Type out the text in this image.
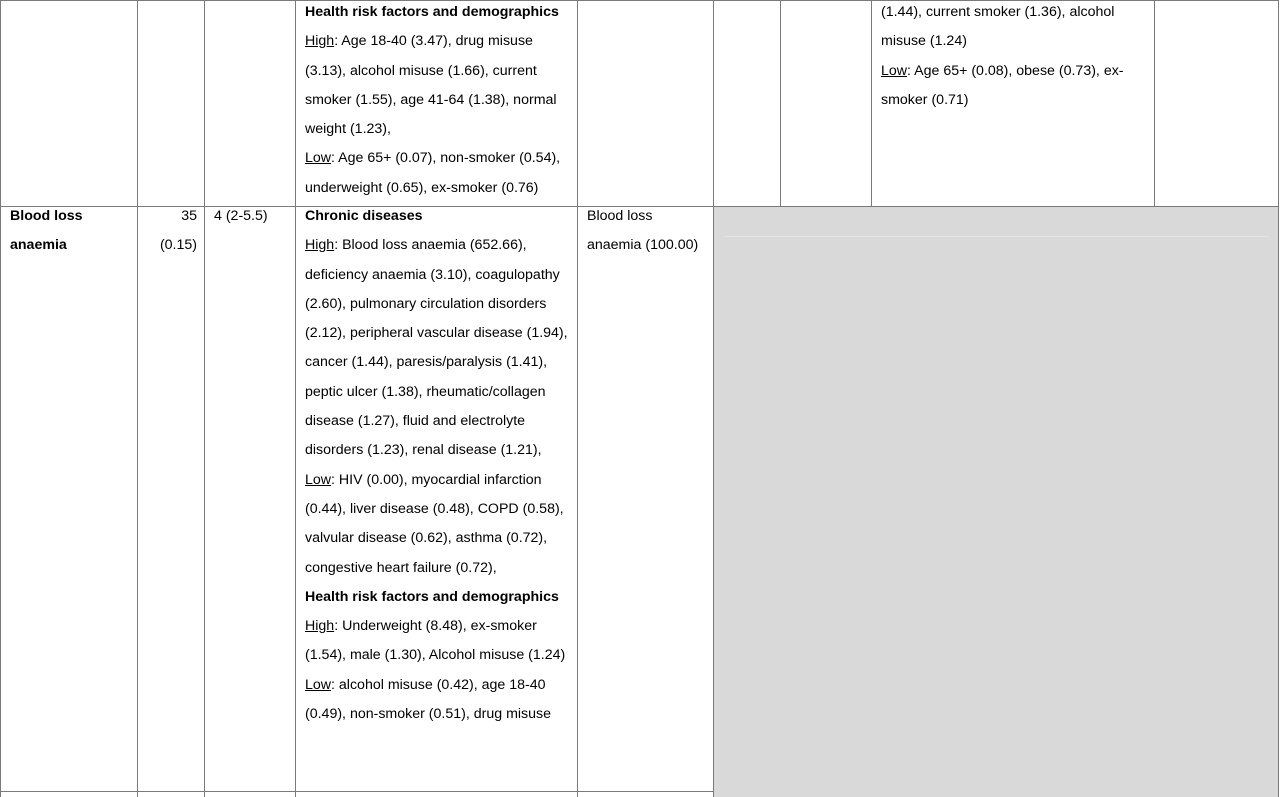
Health risk factors and demographics

High: Age 18-40 (3.47), drug misuse (3.13), alcohol misuse (1.66), current smoker (1.55), age 41-64 (1.38), normal weight (1.23),

Low: Age 65+ (0.07), non-smoker (0.54), underweight (0.65), ex-smoker (0.76)

(1.44), current smoker (1.36), alcohol misuse (1.24)

Low: Age 65+ (0.08), obese (0.73), ex-smoker (0.71)

Blood loss anaemia

35

(0.15)

4 (2-5.5)	Chronic diseases

High: Blood loss anaemia (652.66), deficiency anaemia (3.10), coagulopathy (2.60), pulmonary circulation disorders (2.12), peripheral vascular disease (1.94), cancer (1.44), paresis/paralysis (1.41), peptic ulcer (1.38), rheumatic/collagen disease (1.27), fluid and electrolyte disorders (1.23), renal disease (1.21),

Low: HIV (0.00), myocardial infarction (0.44), liver disease (0.48), COPD (0.58), valvular disease (0.62), asthma (0.72), congestive heart failure (0.72),

Health risk factors and demographics

High: Underweight (8.48), ex-smoker (1.54), male (1.30), Alcohol misuse (1.24)

Low: alcohol misuse (0.42), age 18-40 (0.49), non-smoker (0.51), drug misuse

Blood loss anaemia (100.00)
